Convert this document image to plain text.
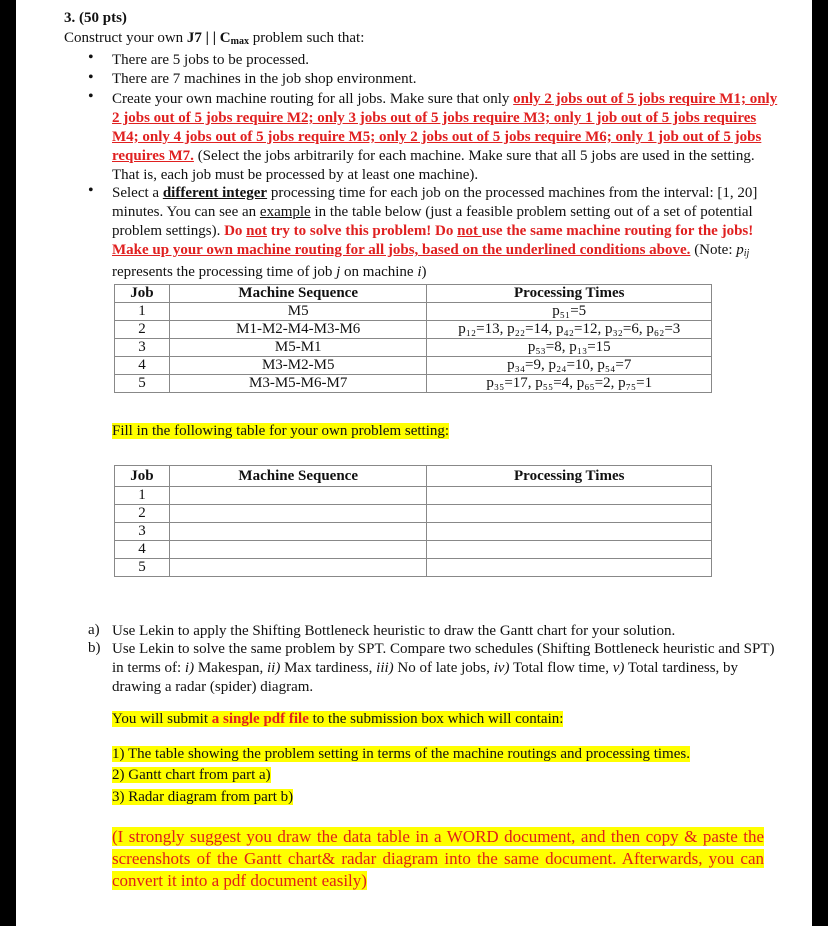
3. (50 pts)
Construct your own J7 | | $C_{max}$ problem such that:
• There are 5 jobs to be processed.
• There are 7 machines in the job shop environment.
• Create your own machine routing for all jobs. Make sure that only only 2 jobs out of 5 jobs require M1; only 2 jobs out of 5 jobs require M2; only 3 jobs out of 5 jobs require M3; only 1 job out of 5 jobs requires M4; only 4 jobs out of 5 jobs require M5; only 2 jobs out of 5 jobs require M6; only 1 job out of 5 jobs requires M7. (Select the jobs arbitrarily for each machine. Make sure that all 5 jobs are used in the setting. That is, each job must be processed by at least one machine).
• Select a different integer processing time for each job on the processed machines from the interval: [1, 20] minutes. You can see an example in the table below (just a feasible problem setting out of a set of potential problem settings). Do not try to solve this problem! Do not use the same machine routing for the jobs! Make up your own machine routing for all jobs, based on the underlined conditions above. (Note: $p_{ij}$ represents the processing time of job j on machine i)
Job	Machine Sequence	Processing Times
1	M5	p₅₁=5
2	M1-M2-M4-M3-M6	p₁₂=13, p₂₂=14, p₄₂=12, p₃₂=6, p₆₂=3
3	M5-M1	p₅₃=8, p₁₃=15
4	M3-M2-M5	p₃₄=9, p₂₄=10, p₅₄=7
5	M3-M5-M6-M7	p₃₅=17, p₅₅=4, p₆₅=2, p₇₅=1
Fill in the following table for your own problem setting:
Job	Machine Sequence	Processing Times
1		
2		
3		
4		
5		
a) Use Lekin to apply the Shifting Bottleneck heuristic to draw the Gantt chart for your solution.
b) Use Lekin to solve the same problem by SPT. Compare two schedules (Shifting Bottleneck heuristic and SPT) in terms of: i) Makespan, ii) Max tardiness, iii) No of late jobs, iv) Total flow time, v) Total tardiness, by drawing a radar (spider) diagram.
You will submit a single pdf file to the submission box which will contain:
1) The table showing the problem setting in terms of the machine routings and processing times.
2) Gantt chart from part a)
3) Radar diagram from part b)
(I strongly suggest you draw the data table in a WORD document, and then copy & paste the screenshots of the Gantt chart& radar diagram into the same document. Afterwards, you can convert it into a pdf document easily)
